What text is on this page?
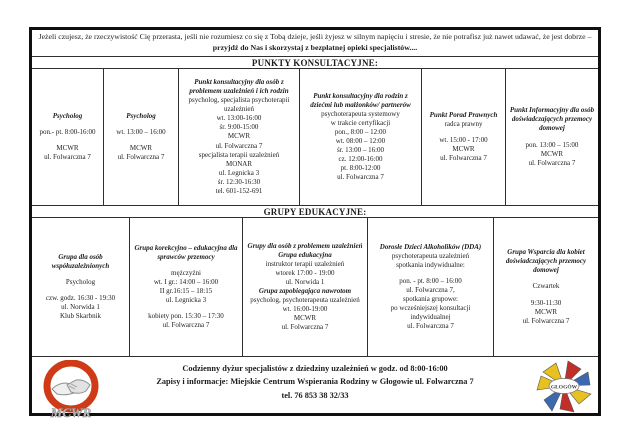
Jeżeli czujesz, że rzeczywistość Cię przerasta, jeśli nie rozumiesz co się z Tobą dzieje, jeśli żyjesz w silnym napięciu i stresie, że nie potrafisz już nawet udawać, że jest dobrze – przyjdź do Nas i skorzystaj z bezpłatnej opieki specjalistów....
PUNKTY KONSULTACYJNE:
Psycholog

pon.- pt. 8:00-16:00

MCWR
ul. Folwarczna 7
Psycholog

wt. 13:00 – 16:00

MCWR
ul. Folwarczna 7
Punkt konsultacyjny dla osób z problemem uzależnień i ich rodzin
psycholog, specjalista psychoterapii uzależnień
wt. 13:00-16:00
śr. 9:00-15:00
MCWR
ul. Folwarczna 7
specjalista terapii uzależnień
MONAR
ul. Legnicka 3
śr. 12:30-16:30
tel. 601-152-691
Punkt konsultacyjny dla rodzin z dziećmi lub małżonków/ partnerów
psychoterapeuta systemowy
w trakcie certyfikacji
pon., 8:00 – 12:00
wt. 08:00 – 12:00
śr. 13:00 – 16:00
cz. 12:00-16:00
pt. 8:00-12:00
ul. Folwarczna 7
Punkt Porad Prawnych
radca prawny

wt. 15:00 - 17:00
MCWR
ul. Folwarczna 7
Punkt Informacyjny dla osób doświadczających przemocy domowej

pon. 13:00 – 15:00
MCWR
ul. Folwarczna 7
GRUPY EDUKACYJNE:
Grupa dla osób współuzależnionych

Psycholog

czw. godz. 16:30 - 19:30
ul. Norwida 1
Klub Skarbnik
Grupa korekcyjno – edukacyjna dla sprawców przemocy

mężczyźni
wt. I gr.: 14:00 – 16:00
II gr.16:15 – 18:15
ul. Legnicka 3

kobiety pon. 15:30 – 17:30
ul. Folwarczna 7
Grupy dla osób z problemem uzależnień
Grupa edukacyjna
instruktor terapii uzależnień
wtorek 17:00 - 19:00
ul. Norwida 1
Grupa zapobiegająca nawrotom
psycholog, psychoterapeuta uzależnień
wt. 16:00-19:00
MCWR
ul. Folwarczna 7
Dorosłe Dzieci Alkoholików (DDA)
psychoterapeuta uzależnień
spotkania indywidualne:

pon. - pt. 8:00 – 16:00
ul. Folwarczna 7,
spotkania grupowe:
po wcześniejszej konsultacji indywidualnej
ul. Folwarczna 7
Grupa Wsparcia dla kobiet doświadczających przemocy domowej

Czwartek

9:30-11:30
MCWR
ul. Folwarczna 7
Codzienny dyżur specjalistów z dziedziny uzależnień w godz. od 8:00-16:00
Zapisy i informacje: Miejskie Centrum Wspierania Rodziny w Głogowie ul. Folwarczna 7
tel. 76 853 38 32/33
MCWR
GŁOGÓW
